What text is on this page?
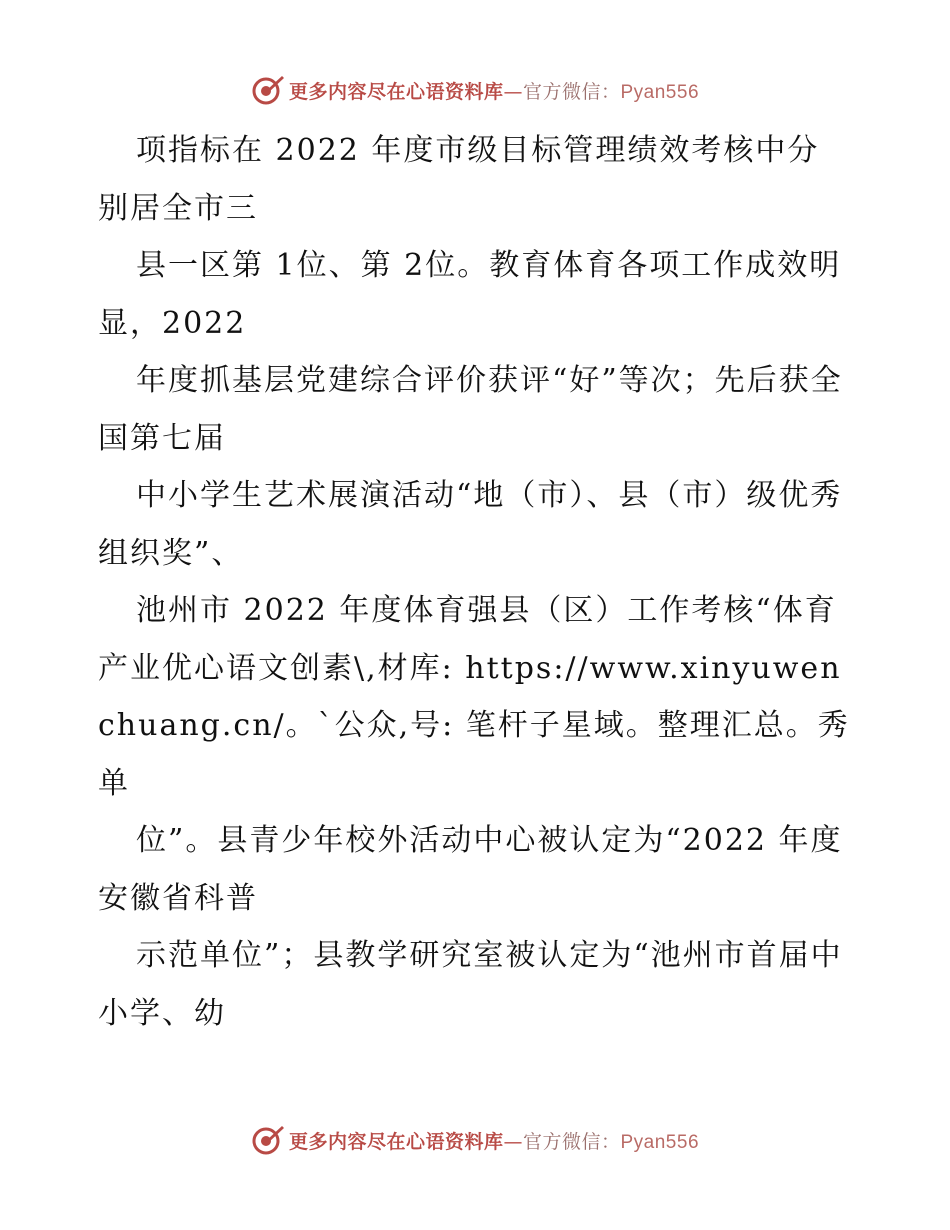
更多内容尽在心语资料库—官方微信：Pyan556

项指标在 2022 年度市级目标管理绩效考核中分别居全市三

县一区第 1位、第 2位。教育体育各项工作成效明显，2022

年度抓基层党建综合评价获评“好”等次；先后获全国第七届

中小学生艺术展演活动“地（市）、县（市）级优秀组织奖”、

池州市 2022 年度体育强县（区）工作考核“体育产业优心语文创素\,材库: https://www.xinyuwenchuang.cn/。`公众,号: 笔杆子星域。整理汇总。秀单

位”。县青少年校外活动中心被认定为“2022 年度安徽省科普

示范单位”；县教学研究室被认定为“池州市首届中小学、幼

更多内容尽在心语资料库—官方微信：Pyan556
